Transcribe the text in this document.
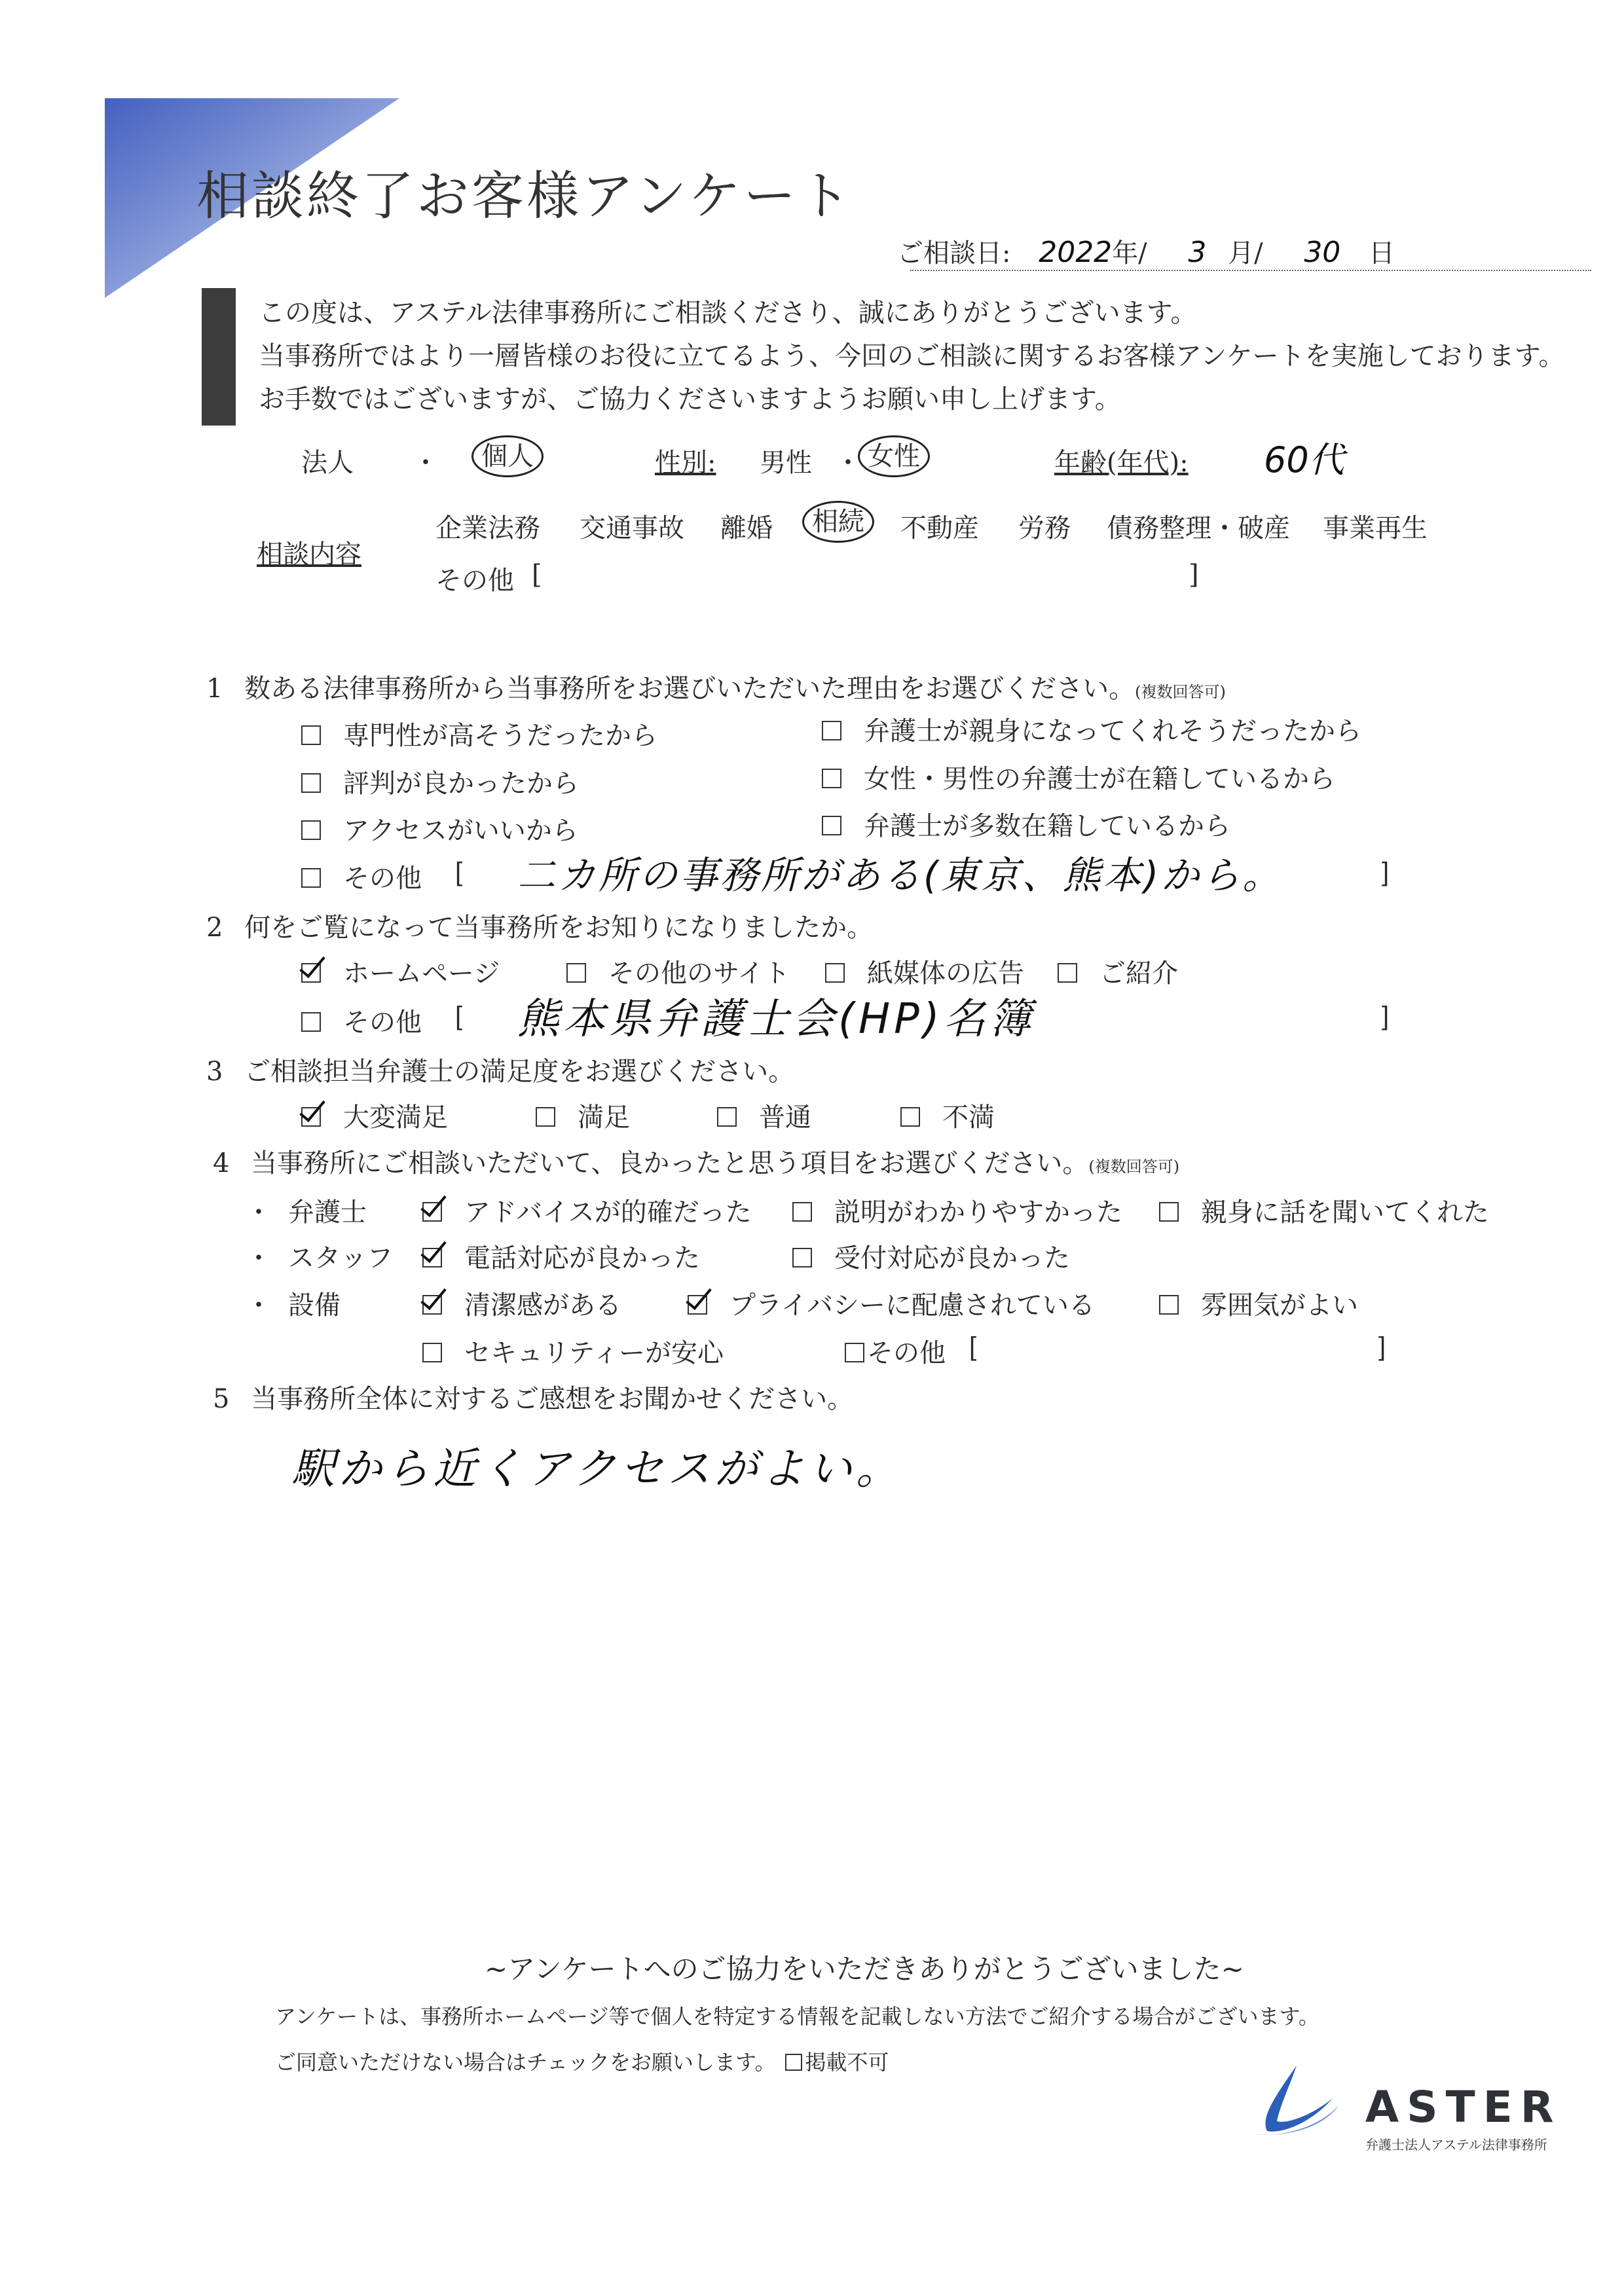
相談終了お客様アンケート
ご相談日: 2022年/ 3 月/ 30 日
この度は、アステル法律事務所にご相談くださり、誠にありがとうございます。
当事務所ではより一層皆様のお役に立てるよう、今回のご相談に関するお客様アンケートを実施しております。
お手数ではございますが、ご協力くださいますようお願い申し上げます。
法人 ・	個人	性別: 男性 ・ 女性	年齢(年代): 60代
相談内容
企業法務 交通事故 離婚	相続	不動産 労務 債務整理・破産 事業再生
その他 [	]
1 数ある法律事務所から当事務所をお選びいただいた理由をお選びください。(複数回答可)
専門性が高そうだったから	弁護士が親身になってくれそうだったから
評判が良かったから	女性・男性の弁護士が在籍しているから
アクセスがいいから	弁護士が多数在籍しているから
その他 [ 二カ所の事務所がある(東京、熊本)から。	]
2 何をご覧になって当事務所をお知りになりましたか。
ホームページ	その他のサイト	紙媒体の広告	ご紹介
その他 [ 熊本県弁護士会(HP)名簿	]
3 ご相談担当弁護士の満足度をお選びください。
大変満足	満足	普通	不満
4 当事務所にご相談いただいて、良かったと思う項目をお選びください。(複数回答可)
・ 弁護士	アドバイスが的確だった	説明がわかりやすかった	親身に話を聞いてくれた
・ スタッフ	電話対応が良かった	受付対応が良かった
・ 設備	清潔感がある	プライバシーに配慮されている	雰囲気がよい
セキュリティーが安心	その他 [	]
5 当事務所全体に対するご感想をお聞かせください。
駅から近くアクセスがよい。
~アンケートへのご協力をいただきありがとうございました~
アンケートは、事務所ホームページ等で個人を特定する情報を記載しない方法でご紹介する場合がございます。
ご同意いただけない場合はチェックをお願いします。 掲載不可
ASTER
弁護士法人アステル法律事務所
